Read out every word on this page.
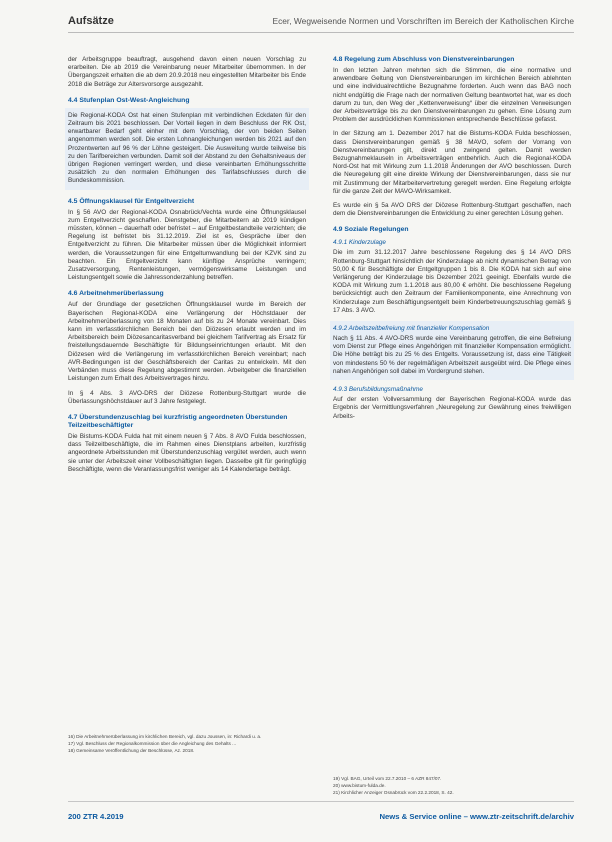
Aufsätze	Ecer, Wegweisende Normen und Vorschriften im Bereich der Katholischen Kirche

der Arbeitsgruppe beauftragt, ausgehend davon einen neuen Vorschlag zu erarbeiten. Die ab 2019 die Vereinbarung neuer Mitarbeiter übernommen. In der Übergangszeit erhalten die ab dem 20.9.2018 neu eingestellten Mitarbeiter bis Ende 2018 die Beträge zur Altersvorsorge ausgezahlt.

4.4 Stufenplan Ost-West-Angleichung

Die Regional-KODA Ost hat einen Stufenplan mit verbindlichen Eckdaten für den Zeitraum bis 2021 beschlossen. Der Vorteil liegen in dem Beschluss der RK Ost, erwartbarer Bedarf geht einher mit dem Vorschlag, der von beiden Seiten angenommen werden soll. Die ersten Lohnangleichungen werden bis 2021 auf den Prozentwerten auf 96 % der Löhne gesteigert. Die Ausweitung wurde teilweise bis zu den Tarifbereichen verbunden. Damit soll der Abstand zu den Gehaltsniveaus der übrigen Regionen verringert werden, und diese vereinbarten Erhöhungsschritte zusätzlich zu den normalen Erhöhungen des Tarifabschlusses durch die Bundeskommission.

4.5 Öffnungsklausel für Entgeltverzicht

In § 56 AVO der Regional-KODA Osnabrück/Vechta wurde eine Öffnungsklausel zum Entgeltverzicht geschaffen. Dienstgeber, die Mitarbeitern ab 2019 kündigen müssten, können – dauerhaft oder befristet – auf Entgeltbestandteile verzichten; die Regelung ist befristet bis 31.12.2019. Ziel ist es, Gespräche über den Entgeltverzicht zu führen. Die Mitarbeiter müssen über die Möglichkeit informiert werden, die Voraussetzungen für eine Entgeltumwandlung bei der KZVK sind zu beachten. Ein Entgeltverzicht kann künftige Ansprüche verringern; Zusatzversorgung, Rentenleistungen, vermögenswirksame Leistungen und Leistungsentgelt sowie die Jahressonderzahlung betreffen.

4.6 Arbeitnehmerüberlassung

Auf der Grundlage der gesetzlichen Öffnungsklausel wurde im Bereich der Bayerischen Regional-KODA eine Verlängerung der Höchstdauer der Arbeitnehmerüberlassung von 18 Monaten auf bis zu 24 Monate vereinbart. Dies kann im verfasstkirchlichen Bereich bei den Diözesen erlaubt werden und im Arbeitsbereich beim Diözesancaritasverband bei gleichem Tarifvertrag als Ersatz für freistellungsdauernde Beschäftigte für Bildungseinrichtungen erlaubt. Mit den Diözesen wird die Verlängerung im verfasstkirchlichen Bereich vereinbart; nach AVR-Bedingungen ist der Geschäftsbereich der Caritas zu entwickeln. Mit den Verbänden muss diese Regelung abgestimmt werden. Arbeitgeber die finanziellen Leistungen zum Erhalt des Arbeitsvertrages hinzu.

In § 4 Abs. 3 AVO-DRS der Diözese Rottenburg-Stuttgart wurde die Überlassungshöchstdauer auf 3 Jahre festgelegt.

4.7 Überstundenzuschlag bei kurzfristig angeordneten Überstunden Teilzeitbeschäftigter

Die Bistums-KODA Fulda hat mit einem neuen § 7 Abs. 8 AVO Fulda beschlossen, dass Teilzeitbeschäftigte, die im Rahmen eines Dienstplans arbeiten, kurzfristig angeordnete Arbeitsstunden mit Überstundenzuschlag vergütet werden, auch wenn sie unter der Arbeitszeit einer Vollbeschäftigten liegen. Dasselbe gilt für geringfügig Beschäftigte, wenn die Veranlassungsfrist weniger als 14 Kalendertage beträgt.

4.8 Regelung zum Abschluss von Dienstvereinbarungen

In den letzten Jahren mehrten sich die Stimmen, die eine normative und anwendbare Geltung von Dienstvereinbarungen im kirchlichen Bereich ablehnten und eine individualrechtliche Bezugnahme forderten. Auch wenn das BAG noch nicht endgültig die Frage nach der normativen Geltung beantwortet hat, war es doch darum zu tun, den Weg der „Kettenverweisung“ über die einzelnen Verweisungen der Arbeitsverträge bis zu den Dienstvereinbarungen zu gehen. Eine Lösung zum Problem der ausdrücklichen Kommissionen entsprechende Beschlüsse gefasst.

In der Sitzung am 1. Dezember 2017 hat die Bistums-KODA Fulda beschlossen, dass Dienstvereinbarungen gemäß § 38 MAVO, sofern der Vorrang von Dienstvereinbarungen gilt, direkt und zwingend gelten. Damit werden Bezugnahmeklauseln in Arbeitsverträgen entbehrlich. Auch die Regional-KODA Nord-Ost hat mit Wirkung zum 1.1.2018 Änderungen der AVO beschlossen. Durch die Neuregelung gilt eine direkte Wirkung der Dienstvereinbarungen, dass sie nur mit Zustimmung der Mitarbeitervertretung geregelt werden. Eine Regelung erfolgte für die ganze Zeit der MAVO-Wirksamkeit.

Es wurde ein § 5a AVO DRS der Diözese Rottenburg-Stuttgart geschaffen, nach dem die Dienstvereinbarungen die Entwicklung zu einer gerechten Lösung gehen.

4.9 Soziale Regelungen
4.9.1 Kinderzulage

Die im zum 31.12.2017 Jahre beschlossene Regelung des § 14 AVO DRS Rottenburg-Stuttgart hinsichtlich der Kinderzulage ab nicht dynamischen Betrag von 50,00 € für Beschäftigte der Entgeltgruppen 1 bis 8. Die KODA hat sich auf eine Verlängerung der Kinderzulage bis Dezember 2021 geeinigt. Ebenfalls wurde die KODA mit Wirkung zum 1.1.2018 aus 80,00 € erhöht. Die beschlossene Regelung berücksichtigt auch den Zeitraum der Familienkomponente, eine Anrechnung von Kinderzulage zum Beschäftigungsentgelt beim Kinderbetreuungszuschlag gemäß § 17 Abs. 3 AVO.

4.9.2 Arbeitszeitbefreiung mit finanzieller Kompensation

Nach § 11 Abs. 4 AVO-DRS wurde eine Vereinbarung getroffen, die eine Befreiung vom Dienst zur Pflege eines Angehörigen mit finanzieller Kompensation ermöglicht. Die Höhe beträgt bis zu 25 % des Entgelts. Voraussetzung ist, dass eine Tätigkeit von mindestens 50 % der regelmäßigen Arbeitszeit ausgeübt wird. Die Pflege eines nahen Angehörigen soll dabei im Vordergrund stehen.

4.9.3 Berufsbildungsmaßnahme

Auf der ersten Vollversammlung der Bayerischen Regional-KODA wurde das Ergebnis der Vermittlungsverfahren „Neuregelung zur Gewährung eines freiwilligen Arbeits-

16) Die Arbeitnehmerüberlassung im kirchlichen Bereich, vgl. dazu Joussen, in: Richardi u. a.
17) Vgl. Beschluss der Regionalkommission über die Angleichung des Gehalts ...
18) Gemeinsame Veröffentlichung der Beschlüsse, Az. 2018.
19) Vgl. BAG, Urteil vom 22.7.2010 – 6 AZR 847/07.
20) www.bistum-fulda.de.
21) Kirchlicher Anzeiger Osnabrück vom 22.2.2018, S. 42.
200 ZTR 4.2019	News & Service online – www.ztr-zeitschrift.de/archiv
